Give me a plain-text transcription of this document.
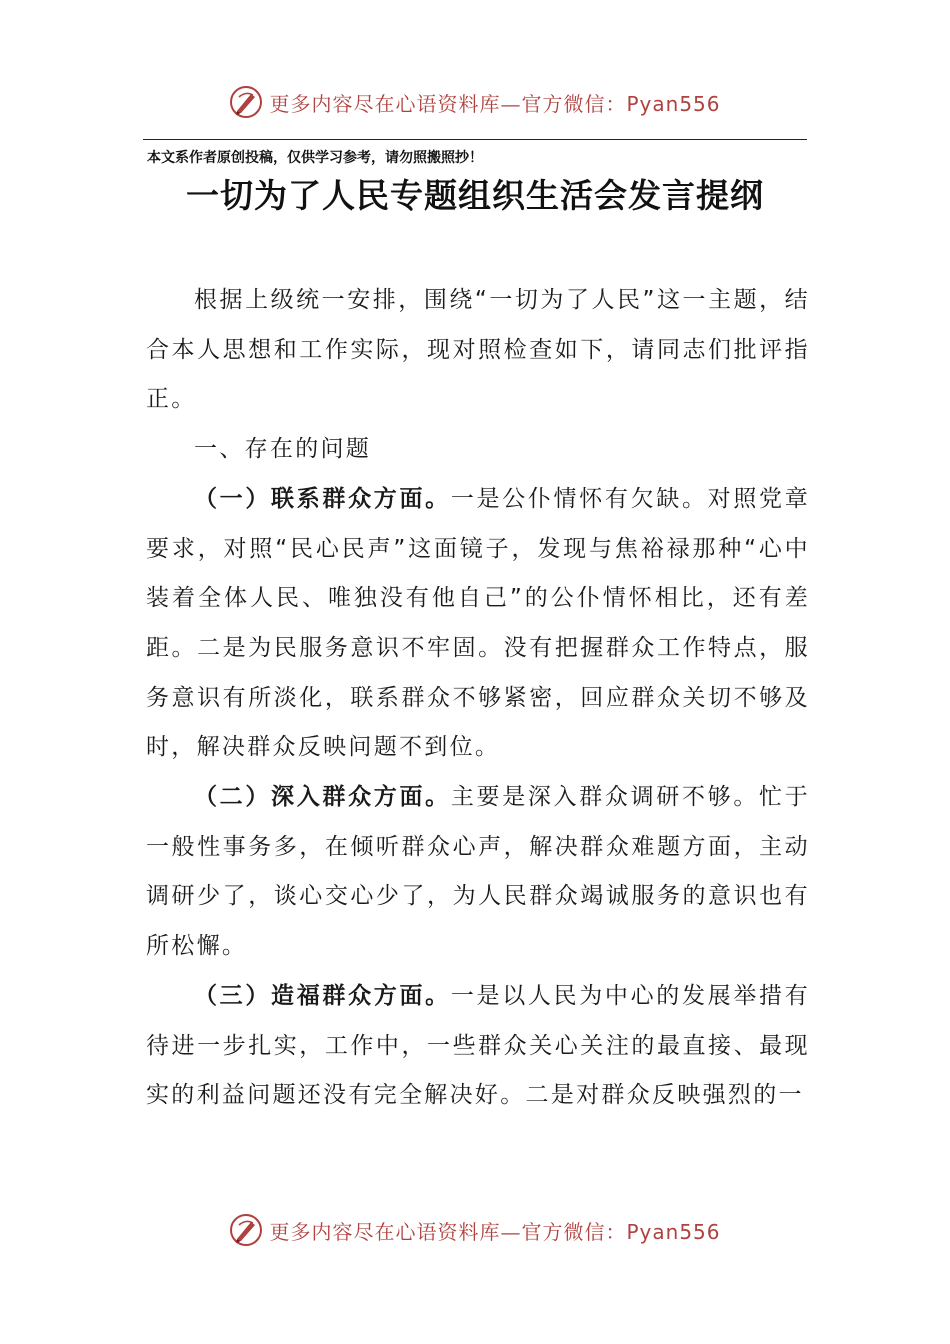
更多内容尽在心语资料库—官方微信：Pyan556
本文系作者原创投稿，仅供学习参考，请勿照搬照抄！
一切为了人民专题组织生活会发言提纲

根据上级统一安排，围绕“一切为了人民”这一主题，结合本人思想和工作实际，现对照检查如下，请同志们批评指正。

一、存在的问题

（一）联系群众方面。一是公仆情怀有欠缺。对照党章要求，对照“民心民声”这面镜子，发现与焦裕禄那种“心中装着全体人民、唯独没有他自己”的公仆情怀相比，还有差距。二是为民服务意识不牢固。没有把握群众工作特点，服务意识有所淡化，联系群众不够紧密，回应群众关切不够及时，解决群众反映问题不到位。

（二）深入群众方面。主要是深入群众调研不够。忙于一般性事务多，在倾听群众心声，解决群众难题方面，主动调研少了，谈心交心少了，为人民群众竭诚服务的意识也有所松懈。

（三）造福群众方面。一是以人民为中心的发展举措有待进一步扎实，工作中，一些群众关心关注的最直接、最现实的利益问题还没有完全解决好。二是对群众反映强烈的一

更多内容尽在心语资料库—官方微信：Pyan556
